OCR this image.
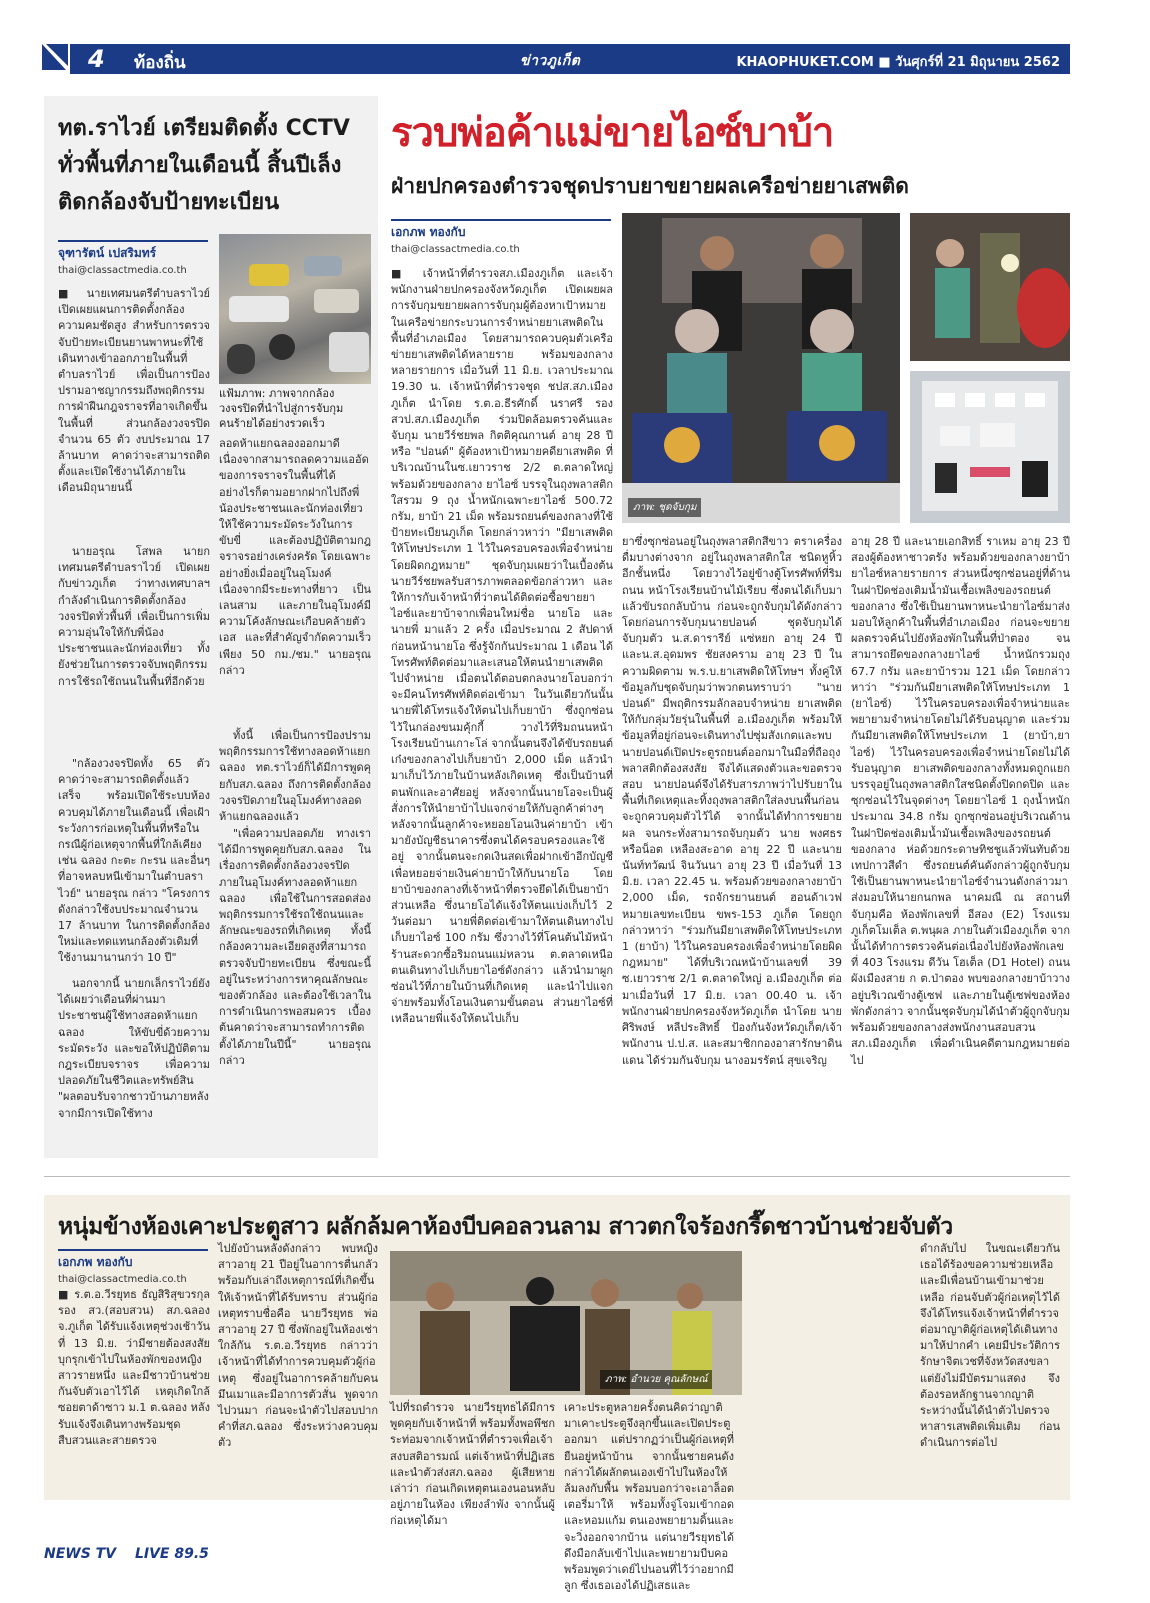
4 ท้องถิ่น	ข่าวภูเก็ต	KHAOPHUKET.COM ■ วันศุกร์ที่ 21 มิถุนายน 2562
ทต.ราไวย์ เตรียมติดตั้ง CCTV ทั่วพื้นที่ภายในเดือนนี้ สิ้นปีเล็ง ติดกล้องจับป้ายทะเบียน
จุฑารัตน์ เปสริมทร์
thai@classactmedia.co.th
แฟ้มภาพ: ภาพจากกล้องวงจรปิดที่นำไปสู่การจับกุมคนร้ายได้อย่างรวดเร็ว
■ นายเทศมนตรีตำบลราไวย์ เปิดเผยแผนการติดตั้งกล้องความคมชัดสูง สำหรับการตรวจจับป้ายทะเบียนยานพาหนะที่ใช้เดินทางเข้าออกภายในพื้นที่ตำบลราไวย์ เพื่อเป็นการป้องปรามอาชญากรรมถึงพฤติกรรมการฝ่าฝืนกฎจราจรที่อาจเกิดขึ้นในพื้นที่ ส่วนกล้องวงจรปิดจำนวน 65 ตัว งบประมาณ 17 ล้านบาท คาดว่าจะสามารถติดตั้งและเปิดใช้งานได้ภายในเดือนมิถุนายนนี้
นายอรุณ โสพล นายกเทศมนตรีตำบลราไวย์ เปิดเผยกับข่าวภูเก็ต ว่าทางเทศบาลฯ กำลังดำเนินการติดตั้งกล้องวงจรปิดทั่วพื้นที่ เพื่อเป็นการเพิ่มความอุ่นใจให้กับพี่น้องประชาชนและนักท่องเที่ยว ทั้งยังช่วยในการตรวจจับพฤติกรรมการใช้รถใช้ถนนในพื้นที่อีกด้วย
"กล้องวงจรปิดทั้ง 65 ตัว คาดว่าจะสามารถติดตั้งแล้วเสร็จ พร้อมเปิดใช้ระบบห้องควบคุมได้ภายในเดือนนี้ เพื่อเฝ้าระวังการก่อเหตุในพื้นที่หรือในกรณีผู้ก่อเหตุจากพื้นที่ใกล้เคียง เช่น ฉลอง กะตะ กะรน และอื่นๆ ที่อาจหลบหนีเข้ามาในตำบลราไวย์" นายอรุณ กล่าว "โครงการดังกล่าวใช้งบประมาณจำนวน 17 ล้านบาท ในการติดตั้งกล้องใหม่และทดแทนกล้องตัวเดิมที่ใช้งานมานานกว่า 10 ปี"
นอกจากนี้ นายกเล็กราไวย์ยังได้เผยว่าเดือนที่ผ่านมา ประชาชนผู้ใช้ทางสอดห้าแยกฉลอง ให้ขับขี่ด้วยความระมัดระวัง และขอให้ปฏิบัติตามกฎระเบียบจราจร เพื่อความปลอดภัยในชีวิตและทรัพย์สิน "ผลตอบรับจากชาวบ้านภายหลังจากมีการเปิดใช้ทาง
ลอดห้าแยกฉลองออกมาดี เนื่องจากสามารถลดความแออัดของการจราจรในพื้นที่ได้อย่างไรก็ตามอยากฝากไปถึงพี่น้องประชาชนและนักท่องเที่ยวให้ใช้ความระมัดระวังในการขับขี่ และต้องปฏิบัติตามกฎจราจรอย่างเคร่งครัด โดยเฉพาะอย่างยิ่งเมื่ออยู่ในอุโมงค์ เนื่องจากมีระยะทางที่ยาว เป็นเลนสาม และภายในอุโมงค์มีความโค้งลักษณะเกือบคล้ายตัวเอส และที่สำคัญจำกัดความเร็วเพียง 50 กม./ชม." นายอรุณ กล่าว
ทั้งนี้ เพื่อเป็นการป้องปรามพฤติกรรมการใช้ทางลอดห้าแยกฉลอง ทต.ราไวย์ก็ได้มีการพูดคุยกับสภ.ฉลอง ถึงการติดตั้งกล้องวงจรปิดภายในอุโมงค์ทางลอดห้าแยกฉลองแล้ว
"เพื่อความปลอดภัย ทางเราได้มีการพูดคุยกับสภ.ฉลอง ในเรื่องการติดตั้งกล้องวงจรปิดภายในอุโมงค์ทางลอดห้าแยกฉลอง เพื่อใช้ในการสอดส่องพฤติกรรมการใช้รถใช้ถนนและลักษณะของรถที่เกิดเหตุ ทั้งนี้กล้องความละเอียดสูงที่สามารถตรวจจับป้ายทะเบียน ซึ่งขณะนี้อยู่ในระหว่างการหาคุณลักษณะของตัวกล้อง และต้องใช้เวลาในการดำเนินการพอสมควร เบื้องต้นคาดว่าจะสามารถทำการติดตั้งได้ภายในปีนี้" นายอรุณ กล่าว
รวบพ่อค้าแม่ขายไอซ์บาบ้า
ฝ่ายปกครองตำรวจชุดปราบยาขยายผลเครือข่ายยาเสพติด
เอกภพ ทองกับ
thai@classactmedia.co.th
ภาพ: ชุดจับกุม
■ เจ้าหน้าที่ตำรวจสภ.เมืองภูเก็ต และเจ้าพนักงานฝ่ายปกครองจังหวัดภูเก็ต เปิดเผยผลการจับกุมขยายผลการจับกุมผู้ต้องหาเป้าหมายในเครือข่ายกระบวนการจำหน่ายยาเสพติดในพื้นที่อำเภอเมือง โดยสามารถควบคุมตัวเครือข่ายยาเสพติดได้หลายราย พร้อมของกลางหลายรายการ เมื่อวันที่ 11 มิ.ย. เวลาประมาณ 19.30 น. เจ้าหน้าที่ตำรวจชุด ชปส.สภ.เมืองภูเก็ต นำโดย ร.ต.อ.ธีรศักดิ์ นราศรี รอง สวป.สภ.เมืองภูเก็ต ร่วมปิดล้อมตรวจค้นและจับกุม นายวีร์ชยพล กิตติคุณกานต์ อายุ 28 ปี หรือ "ปอนด์" ผู้ต้องหาเป้าหมายคดียาเสพติด ที่บริเวณบ้านในซ.เยาวราช 2/2 ต.ตลาดใหญ่ พร้อมด้วยของกลาง ยาไอซ์ บรรจุในถุงพลาสติกใสรวม 9 ถุง น้ำหนักเฉพาะยาไอซ์ 500.72 กรัม, ยาบ้า 21 เม็ด พร้อมรถยนต์ของกลางที่ใช้ป้ายทะเบียนภูเก็ต โดยกล่าวหาว่า "มียาเสพติดให้โทษประเภท 1 ไว้ในครอบครองเพื่อจำหน่ายโดยผิดกฎหมาย" ชุดจับกุมเผยว่าในเบื้องต้นนายวีร์ชยพลรับสารภาพตลอดข้อกล่าวหา และให้การกับเจ้าหน้าที่ว่าตนได้ติดต่อซื้อขายยาไอซ์และยาบ้าจากเพื่อนใหม่ชื่อ นายโอ และนายพี่ มาแล้ว 2 ครั้ง เมื่อประมาณ 2 สัปดาห์ก่อนหน้านายโอ ซึ่งรู้จักกันประมาณ 1 เดือน ได้โทรศัพท์ติดต่อมาและเสนอให้ตนนำยาเสพติดไปจำหน่าย เมื่อตนได้ตอบตกลงนายโอบอกว่าจะมีคนโทรศัพท์ติดต่อเข้ามา ในวันเดียวกันนั้นนายพี่ได้โทรแจ้งให้ตนไปเก็บยาบ้า ซึ่งถูกซ่อนไว้ในกล่องขนมคุ้กกี้ วางไว้ที่ริมถนนหน้าโรงเรียนบ้านเกาะโล่ จากนั้นตนจึงได้ขับรถยนต์เก๋งของกลางไปเก็บยาบ้า 2,000 เม็ด แล้วนำมาเก็บไว้ภายในบ้านหลังเกิดเหตุ ซึ่งเป็นบ้านที่ตนพักและอาศัยอยู่ หลังจากนั้นนายโอจะเป็นผู้สั่งการให้นำยาบ้าไปแจกจ่ายให้กับลูกค้าต่างๆ หลังจากนั้นลูกค้าจะหยอยโอนเงินค่ายาบ้า เข้ามายังบัญชีธนาคารซึ่งตนได้ครอบครองและใช้อยู่ จากนั้นตนจะกดเงินสดเพื่อฝากเข้าอีกบัญชี เพื่อหยอยจ่ายเงินค่ายาบ้าให้กับนายโอ โดยยาบ้าของกลางที่เจ้าหน้าที่ตรวจยึดได้เป็นยาบ้าส่วนเหลือ ซึ่งนายโอได้แจ้งให้ตนแบ่งเก็บไว้ 2 วันต่อมา นายพี่ติดต่อเข้ามาให้ตนเดินทางไปเก็บยาไอซ์ 100 กรัม ซึ่งวางไว้ที่โคนต้นไม้หน้าร้านสะดวกซื้อริมถนนแม่หลวน ต.ตลาดเหนือ ตนเดินทางไปเก็บยาไอซ์ดังกล่าว แล้วนำมาผูกซ่อนไว้ที่ภายในบ้านที่เกิดเหตุ และนำไปแจกจ่ายพร้อมทั้งโอนเงินตามขั้นตอน ส่วนยาไอซ์ที่เหลือนายพี่แจ้งให้ตนไปเก็บ
ยาซึ่งซุกซ่อนอยู่ในถุงพลาสติกสีขาว ตราเครื่องดื่มบางต่างจาก อยู่ในถุงพลาสติกใส ชนิดหูหิ้วอีกชั้นหนึ่ง โดยวางไว้อยู่ข้างตู้โทรศัพท์ที่ริมถนน หน้าโรงเรียนบ้านไม้เรียบ ซึ่งตนได้เก็บมาแล้วขับรถกลับบ้าน ก่อนจะถูกจับกุมได้ดังกล่าว โดยก่อนการจับกุมนายปอนด์ ชุดจับกุมได้จับกุมตัว น.ส.ดารารีย์ แซ่หยก อายุ 24 ปี และน.ส.อุดมพร ชัยสงคราม อายุ 23 ปี ในความผิดตาม พ.ร.บ.ยาเสพติดให้โทษฯ ทั้งคู่ให้ข้อมูลกับชุดจับกุมว่าพวกตนทราบว่า "นายปอนด์" มีพฤติกรรมลักลอบจำหน่าย ยาเสพติดให้กับกลุ่มวัยรุ่นในพื้นที่ อ.เมืองภูเก็ต พร้อมให้ข้อมูลที่อยู่ก่อนจะเดินทางไปซุ่มสังเกตและพบนายปอนด์เปิดประตูรถยนต์ออกมาในมือที่ถือถุงพลาสติกต้องสงสัย จึงได้แสดงตัวและขอตรวจสอบ นายปอนด์จึงได้รับสารภาพว่าไปรับยาในพื้นที่เกิดเหตุและทิ้งถุงพลาสติกใส่ลงบนพื้นก่อนจะถูกควบคุมตัวไว้ได้ จากนั้นได้ทำการขยายผล จนกระทั่งสามารถจับกุมตัว นาย พงศธร หรือน็อต เหลืองสะอาด อายุ 22 ปี และนายนันท์ทวัฒน์ จินวันนา อายุ 23 ปี เมื่อวันที่ 13 มิ.ย. เวลา 22.45 น. พร้อมด้วยของกลางยาบ้า 2,000 เม็ด, รถจักรยานยนต์ ฮอนด้าเวฟ หมายเลขทะเบียน ขพร-153 ภูเก็ต โดยถูกกล่าวหาว่า "ร่วมกันมียาเสพติดให้โทษประเภท 1 (ยาบ้า) ไว้ในครอบครองเพื่อจำหน่ายโดยผิดกฎหมาย" ได้ที่บริเวณหน้าบ้านเลขที่ 39 ซ.เยาวราช 2/1 ต.ตลาดใหญ่ อ.เมืองภูเก็ต ต่อมาเมื่อวันที่ 17 มิ.ย. เวลา 00.40 น. เจ้าพนักงานฝ่ายปกครองจังหวัดภูเก็ต นำโดย นายศิริพงษ์ หลีประสิทธิ์ ป้องกันจังหวัดภูเก็ต/เจ้าพนักงาน ป.ป.ส. และสมาชิกกองอาสารักษาดินแดน ได้ร่วมกันจับกุม นางอมรรัตน์ สุขเจริญ
อายุ 28 ปี และนายเอกสิทธิ์ ราเหม อายุ 23 ปี สองผู้ต้องหาชาวตรัง พร้อมด้วยของกลางยาบ้ายาไอซ์หลายรายการ ส่วนหนึ่งซุกซ่อนอยู่ที่ด้านในฝาปิดช่องเติมน้ำมันเชื้อเพลิงของรถยนต์ของกลาง ซึ่งใช้เป็นยานพาหนะนำยาไอซ์มาส่งมอบให้ลูกค้าในพื้นที่อำเภอเมือง ก่อนจะขยายผลตรวจค้นไปยังห้องพักในพื้นที่ป่าตอง จนสามารถยึดของกลางยาไอซ์ น้ำหนักรวมถุง 67.7 กรัม และยาบ้ารวม 121 เม็ด โดยกล่าวหาว่า "ร่วมกันมียาเสพติดให้โทษประเภท 1 (ยาไอซ์) ไว้ในครอบครองเพื่อจำหน่ายและพยายามจำหน่ายโดยไม่ได้รับอนุญาต และร่วมกันมียาเสพติดให้โทษประเภท 1 (ยาบ้า,ยาไอซ์) ไว้ในครอบครองเพื่อจำหน่ายโดยไม่ได้รับอนุญาต ยาเสพติดของกลางทั้งหมดถูกแยกบรรจุอยู่ในถุงพลาสติกใสชนิดตั้งปิดกดปิด และซุกซ่อนไว้ในจุดต่างๆ โดยยาไอซ์ 1 ถุงน้ำหนักประมาณ 34.8 กรัม ถูกซุกซ่อนอยู่บริเวณด้านในฝาปิดช่องเติมน้ำมันเชื้อเพลิงของรถยนต์ของกลาง ห่อด้วยกระดาษทิชชูแล้วพันทับด้วยเทปกาวสีดำ ซึ่งรถยนต์คันดังกล่าวผู้ถูกจับกุมใช้เป็นยานพาหนะนำยาไอซ์จำนวนดังกล่าวมาส่งมอบให้นายกนกพล นาคมณี ณ สถานที่จับกุมคือ ห้องพักเลขที่ อีสอง (E2) โรงแรมภูเก็ตโมเต็ล ต.พนุผล ภายในตัวเมืองภูเก็ต จากนั้นได้ทำการตรวจค้นต่อเนื่องไปยังห้องพักเลขที่ 403 โรงแรม ดีวัน โฮเต็ล (D1 Hotel) ถนนผังเมืองสาย ก ต.ป่าตอง พบของกลางยาบ้าวางอยู่บริเวณข้างตู้เซฟ และภายในตู้เซฟของห้องพักดังกล่าว จากนั้นชุดจับกุมได้นำตัวผู้ถูกจับกุมพร้อมด้วยของกลางส่งพนักงานสอบสวน สภ.เมืองภูเก็ต เพื่อดำเนินคดีตามกฎหมายต่อไป
หนุ่มข้างห้องเคาะประตูสาว ผลักล้มคาห้องบีบคอลวนลาม สาวตกใจร้องกรี๊ดชาวบ้านช่วยจับตัว
เอกภพ ทองกับ
thai@classactmedia.co.th
ภาพ: อำนวย คุณลักษณ์
■ ร.ต.อ.วีรยุทธ ธัญสิริสุขวรกุล รอง สว.(สอบสวน) สภ.ฉลอง จ.ภูเก็ต ได้รับแจ้งเหตุช่วงเช้าวันที่ 13 มิ.ย. ว่ามีชายต้องสงสัยบุกรุกเข้าไปในห้องพักของหญิงสาวรายหนึ่ง และมีชาวบ้านช่วยกันจับตัวเอาไว้ได้ เหตุเกิดใกล้ซอยตาด้าซาว ม.1 ต.ฉลอง หลังรับแจ้งจึงเดินทางพร้อมชุดสืบสวนและสายตรวจ
ไปยังบ้านหลังดังกล่าว พบหญิงสาวอายุ 21 ปีอยู่ในอาการตื่นกลัว พร้อมกับเล่าถึงเหตุการณ์ที่เกิดขึ้นให้เจ้าหน้าที่ได้รับทราบ ส่วนผู้ก่อเหตุทราบชื่อคือ นายวีรยุทธ พ่อสาวอายุ 27 ปี ซึ่งพักอยู่ในห้องเช่าใกล้กัน ร.ต.อ.วีรยุทธ กล่าวว่า เจ้าหน้าที่ได้ทำการควบคุมตัวผู้ก่อเหตุ ซึ่งอยู่ในอาการคล้ายกับคนมึนเมาและมีอาการตัวสั่น พูดจากไปวนมา ก่อนจะนำตัวไปสอบปากคำที่สภ.ฉลอง ซึ่งระหว่างควบคุมตัว
ไปที่รถตำรวจ นายวีรยุทธได้มีการพูดคุยกับเจ้าหน้าที่ พร้อมทั้งพอพึชกระท่อมจากเจ้าหน้าที่ตำรวจเพื่อเจ้าสงบสติอารมณ์ แต่เจ้าหน้าที่ปฏิเสธและนำตัวส่งสภ.ฉลอง ผู้เสียหายเล่าว่า ก่อนเกิดเหตุตนเองนอนหลับอยู่ภายในห้อง เพียงลำพัง จากนั้นผู้ก่อเหตุได้มา
เคาะประตูหลายครั้งตนคิดว่าญาติมาเคาะประตูจึงลุกขึ้นและเปิดประตูออกมา แต่ปรากฏว่าเป็นผู้ก่อเหตุที่ยืนอยู่หน้าบ้าน จากนั้นชายคนดังกล่าวได้ผลักตนเองเข้าไปในห้องให้ล้มลงกับพื้น พร้อมบอกว่าจะเอาล็อตเตอรี่มาให้ พร้อมทั้งจู่โจมเข้ากอดและหอมแก้ม ตนเองพยายามดิ้นและจะวิ่งออกจากบ้าน แต่นายวีรยุทธได้ดึงมือกลับเข้าไปและพยายามบีบคอพร้อมพูดว่าเดย์ไปนอนที่ไว้ว่าอยากมีลูก ซึ่งเธอเองได้ปฏิเสธและ
ดำกลับไป ในขณะเดียวกันเธอได้ร้องขอความช่วยเหลือ และมีเพื่อนบ้านเข้ามาช่วยเหลือ ก่อนจับตัวผู้ก่อเหตุไว้ได้ จึงได้โทรแจ้งเจ้าหน้าที่ตำรวจ ต่อมาญาติผู้ก่อเหตุได้เดินทางมาให้ปากคำ เคยมีประวัติการรักษาจิตเวชที่จังหวัดสงขลา แต่ยังไม่มีบัตรมาแสดง จึงต้องรอหลักฐานจากญาติ ระหว่างนั้นได้นำตัวไปตรวจหาสารเสพติดเพิ่มเติม ก่อนดำเนินการต่อไป
NEWS TV LIVE 89.5
